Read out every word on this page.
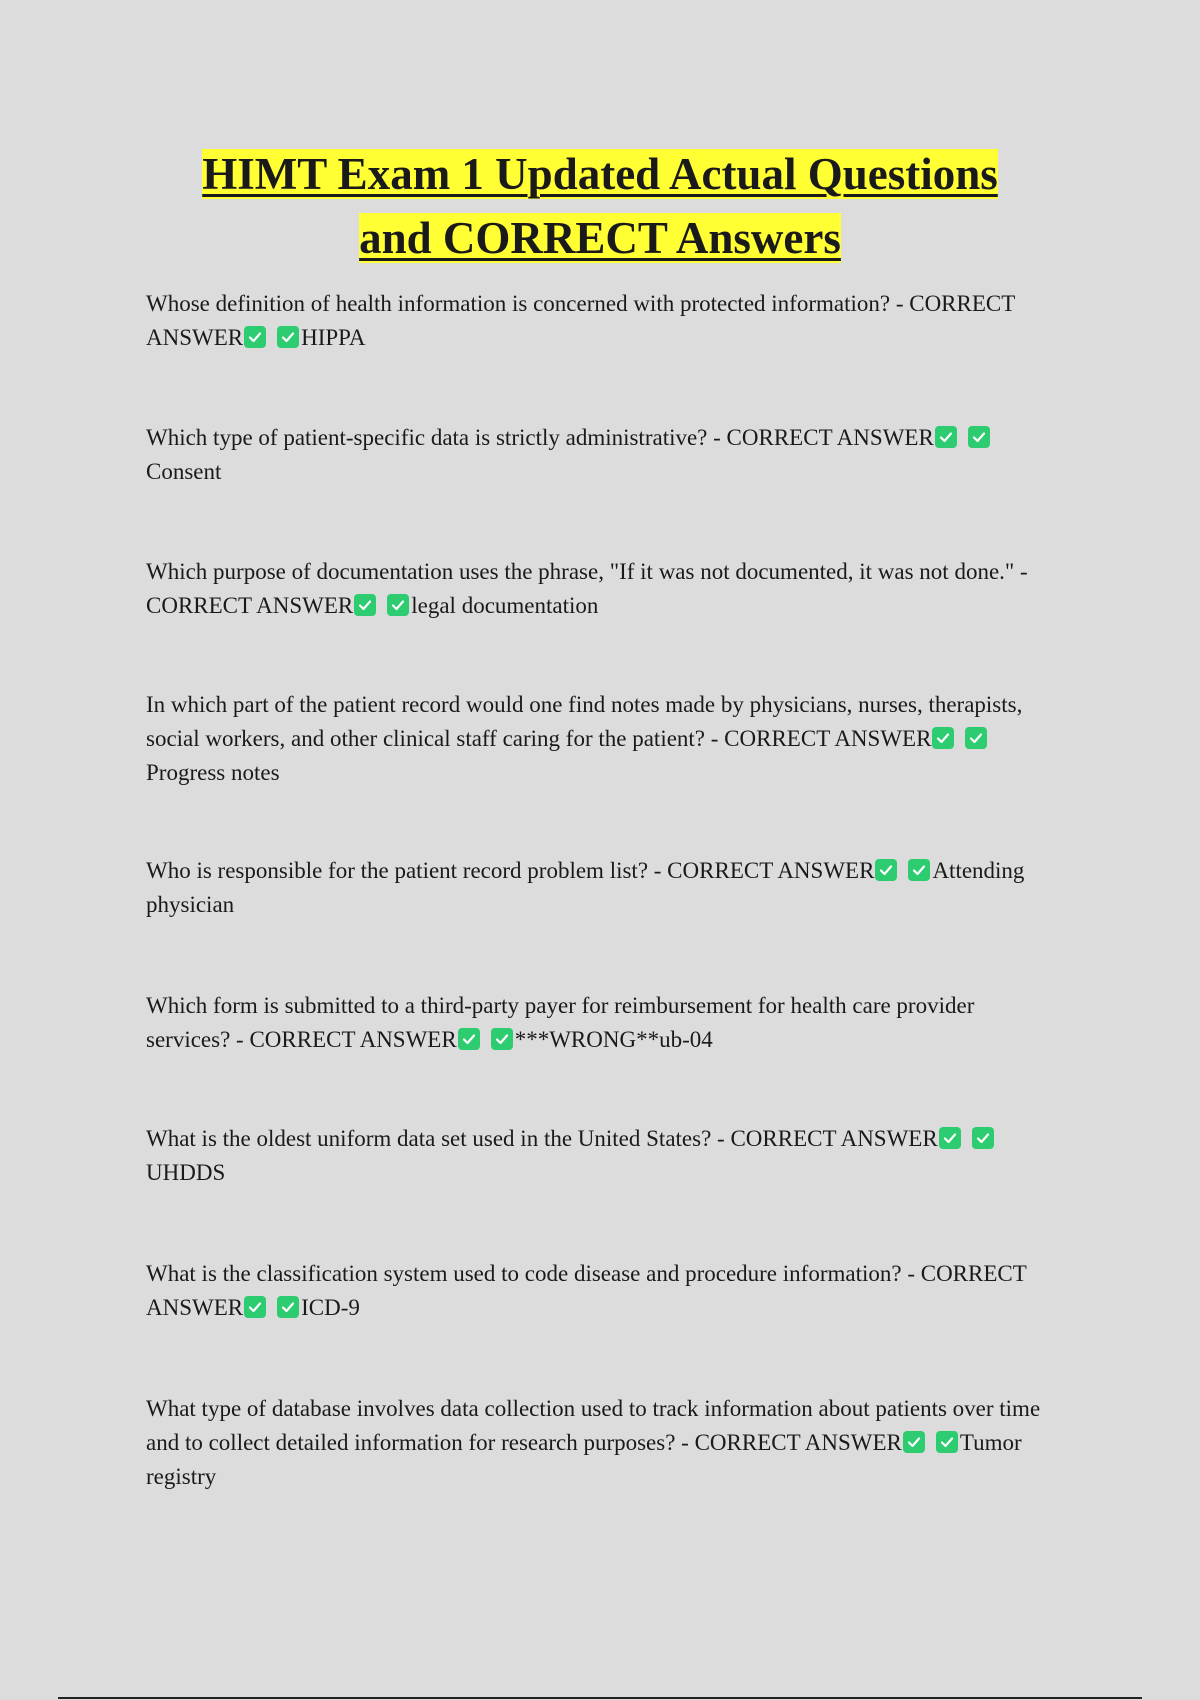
HIMT Exam 1 Updated Actual Questions
and CORRECT Answers

Whose definition of health information is concerned with protected information? - CORRECT ANSWER	HIPPA

Which type of patient-specific data is strictly administrative? - CORRECT ANSWER
Consent

Which purpose of documentation uses the phrase, "If it was not documented, it was not done." - CORRECT ANSWER	legal documentation

In which part of the patient record would one find notes made by physicians, nurses, therapists, social workers, and other clinical staff caring for the patient? - CORRECT ANSWER
Progress notes

Who is responsible for the patient record problem list? - CORRECT ANSWER	Attending physician

Which form is submitted to a third-party payer for reimbursement for health care provider services? - CORRECT ANSWER	***WRONG**ub-04

What is the oldest uniform data set used in the United States? - CORRECT ANSWER
UHDDS

What is the classification system used to code disease and procedure information? - CORRECT ANSWER	ICD-9

What type of database involves data collection used to track information about patients over time and to collect detailed information for research purposes? - CORRECT ANSWER	Tumor registry
